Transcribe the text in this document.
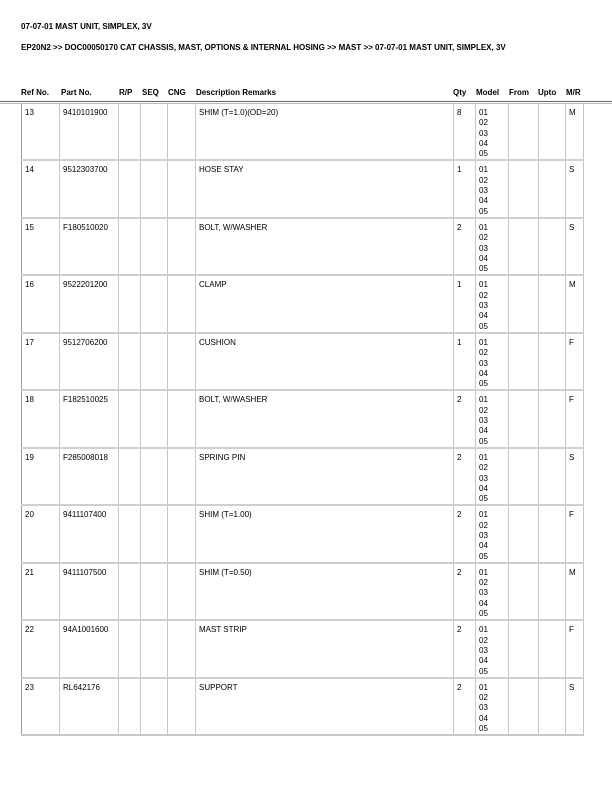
07-07-01 MAST UNIT, SIMPLEX, 3V
EP20N2 >> DOC00050170 CAT CHASSIS, MAST, OPTIONS & INTERNAL HOSING >> MAST >> 07-07-01 MAST UNIT, SIMPLEX, 3V
Ref No. Part No.	R/P SEQ CNG Description Remarks	Qty Model From Upto M/R
13	9410101900				SHIM (T=1.0)(OD=20)	8	01
02
03
04
05			M
14	9512303700				HOSE STAY	1	01
02
03
04
05			S
15	F180510020				BOLT, W/WASHER	2	01
02
03
04
05			S
16	9522201200				CLAMP	1	01
02
03
04
05			M
17	9512706200				CUSHION	1	01
02
03
04
05			F
18	F182510025				BOLT, W/WASHER	2	01
02
03
04
05			F
19	F285008018				SPRING PIN	2	01
02
03
04
05			S
20	9411107400				SHIM (T=1.00)	2	01
02
03
04
05			F
21	9411107500				SHIM (T=0.50)	2	01
02
03
04
05			M
22	94A1001600				MAST STRIP	2	01
02
03
04
05			F
23	RL642176				SUPPORT	2	01
02
03
04
05			S
